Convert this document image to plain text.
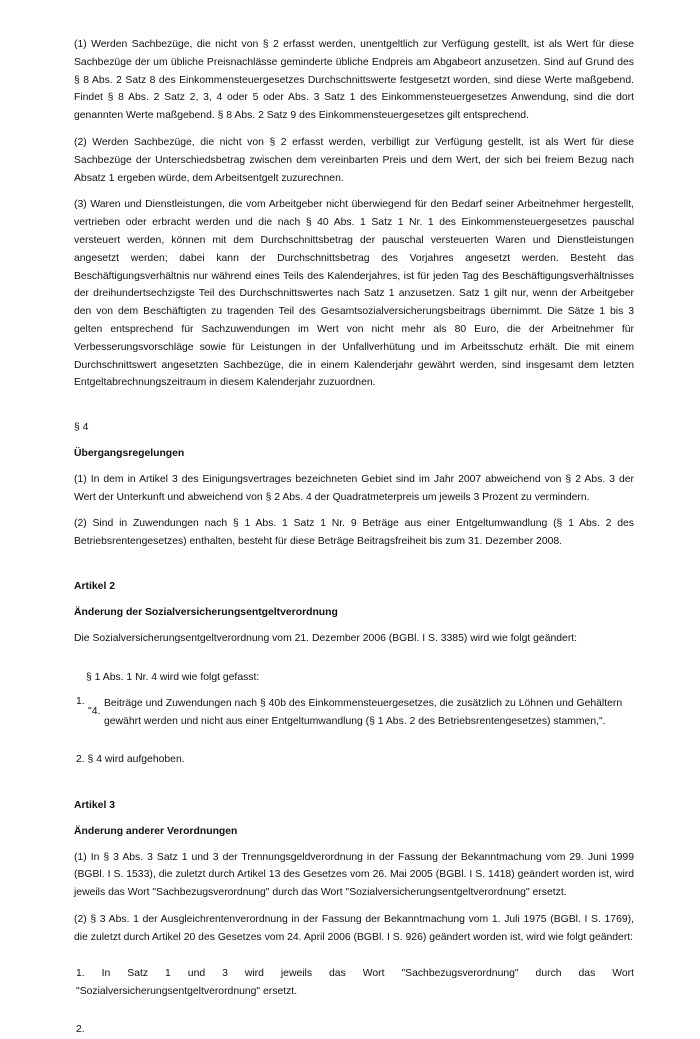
(1) Werden Sachbezüge, die nicht von § 2 erfasst werden, unentgeltlich zur Verfügung gestellt, ist als Wert für diese Sachbezüge der um übliche Preisnachlässe geminderte übliche Endpreis am Abgabeort anzusetzen. Sind auf Grund des § 8 Abs. 2 Satz 8 des Einkommensteuergesetzes Durchschnittswerte festgesetzt worden, sind diese Werte maßgebend. Findet § 8 Abs. 2 Satz 2, 3, 4 oder 5 oder Abs. 3 Satz 1 des Einkommensteuergesetzes Anwendung, sind die dort genannten Werte maßgebend. § 8 Abs. 2 Satz 9 des Einkommensteuergesetzes gilt entsprechend.

(2) Werden Sachbezüge, die nicht von § 2 erfasst werden, verbilligt zur Verfügung gestellt, ist als Wert für diese Sachbezüge der Unterschiedsbetrag zwischen dem vereinbarten Preis und dem Wert, der sich bei freiem Bezug nach Absatz 1 ergeben würde, dem Arbeitsentgelt zuzurechnen.

(3) Waren und Dienstleistungen, die vom Arbeitgeber nicht überwiegend für den Bedarf seiner Arbeitnehmer hergestellt, vertrieben oder erbracht werden und die nach § 40 Abs. 1 Satz 1 Nr. 1 des Einkommensteuergesetzes pauschal versteuert werden, können mit dem Durchschnittsbetrag der pauschal versteuerten Waren und Dienstleistungen angesetzt werden; dabei kann der Durchschnittsbetrag des Vorjahres angesetzt werden. Besteht das Beschäftigungsverhältnis nur während eines Teils des Kalenderjahres, ist für jeden Tag des Beschäftigungsverhältnisses der dreihundertsechzigste Teil des Durchschnittswertes nach Satz 1 anzusetzen. Satz 1 gilt nur, wenn der Arbeitgeber den von dem Beschäftigten zu tragenden Teil des Gesamtsozialversicherungsbeitrags übernimmt. Die Sätze 1 bis 3 gelten entsprechend für Sachzuwendungen im Wert von nicht mehr als 80 Euro, die der Arbeitnehmer für Verbesserungsvorschläge sowie für Leistungen in der Unfallverhütung und im Arbeitsschutz erhält. Die mit einem Durchschnittswert angesetzten Sachbezüge, die in einem Kalenderjahr gewährt werden, sind insgesamt dem letzten Entgeltabrechnungszeitraum in diesem Kalenderjahr zuzuordnen.

§ 4

Übergangsregelungen

(1) In dem in Artikel 3 des Einigungsvertrages bezeichneten Gebiet sind im Jahr 2007 abweichend von § 2 Abs. 3 der Wert der Unterkunft und abweichend von § 2 Abs. 4 der Quadratmeterpreis um jeweils 3 Prozent zu vermindern.

(2) Sind in Zuwendungen nach § 1 Abs. 1 Satz 1 Nr. 9 Beträge aus einer Entgeltumwandlung (§ 1 Abs. 2 des Betriebsrentengesetzes) enthalten, besteht für diese Beträge Beitragsfreiheit bis zum 31. Dezember 2008.

Artikel 2

Änderung der Sozialversicherungsentgeltverordnung

Die Sozialversicherungsentgeltverordnung vom 21. Dezember 2006 (BGBl. I S. 3385) wird wie folgt geändert:

§ 1 Abs. 1 Nr. 4 wird wie folgt gefasst:

1.
"4.

Beiträge und Zuwendungen nach § 40b des Einkommensteuergesetzes, die zusätzlich zu Löhnen und Gehältern gewährt werden und nicht aus einer Entgeltumwandlung (§ 1 Abs. 2 des Betriebsrentengesetzes) stammen,".

2. § 4 wird aufgehoben.

Artikel 3

Änderung anderer Verordnungen

(1) In § 3 Abs. 3 Satz 1 und 3 der Trennungsgeldverordnung in der Fassung der Bekanntmachung vom 29. Juni 1999 (BGBl. I S. 1533), die zuletzt durch Artikel 13 des Gesetzes vom 26. Mai 2005 (BGBl. I S. 1418) geändert worden ist, wird jeweils das Wort "Sachbezugsverordnung" durch das Wort "Sozialversicherungsentgeltverordnung" ersetzt.

(2) § 3 Abs. 1 der Ausgleichrentenverordnung in der Fassung der Bekanntmachung vom 1. Juli 1975 (BGBl. I S. 1769), die zuletzt durch Artikel 20 des Gesetzes vom 24. April 2006 (BGBl. I S. 926) geändert worden ist, wird wie folgt geändert:

1. In Satz 1 und 3 wird jeweils das Wort "Sachbezugsverordnung" durch das Wort "Sozialversicherungsentgeltverordnung" ersetzt.

2.
